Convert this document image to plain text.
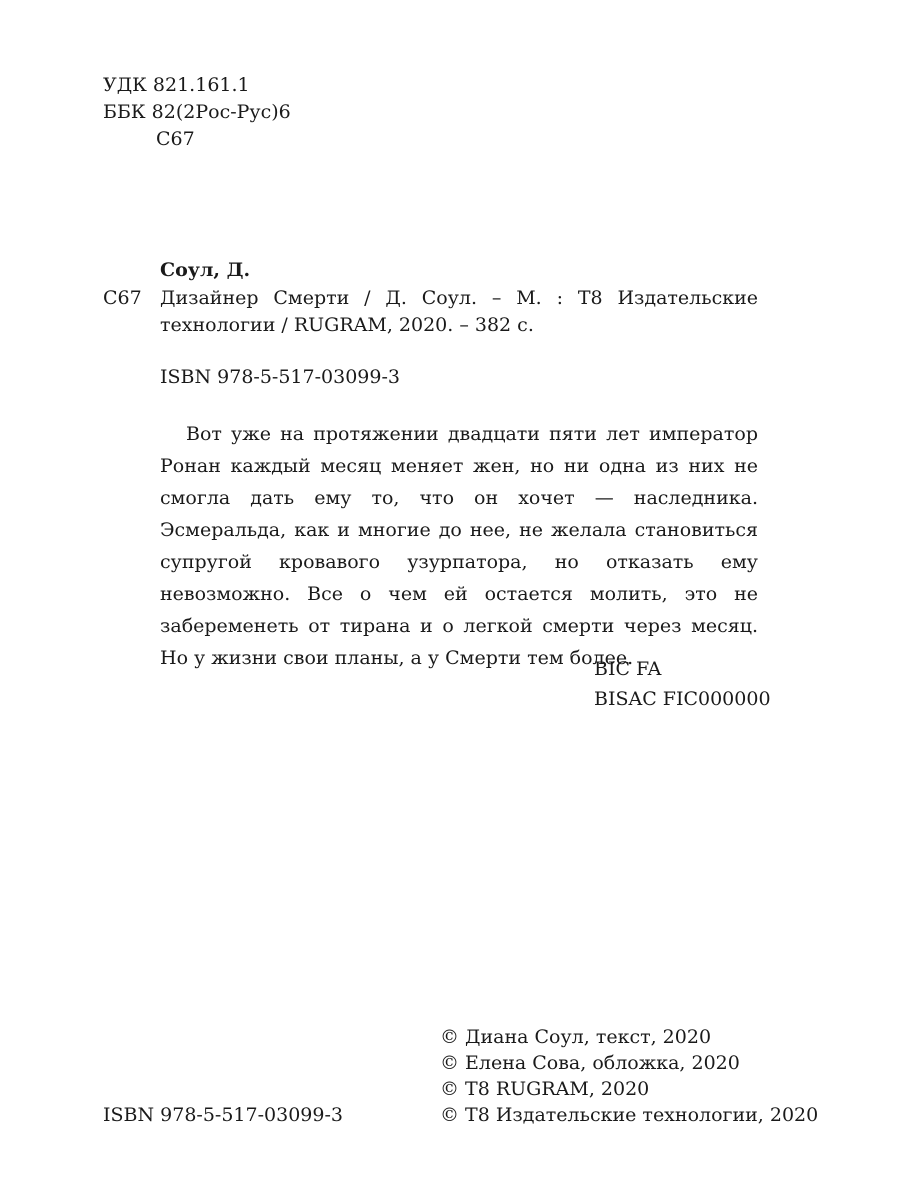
УДК 821.161.1
ББК 82(2Рос-Рус)6
С67
Соул, Д.
С67 Дизайнер Смерти / Д. Соул. – М. : T8 Издательские технологии / RUGRAM, 2020. – 382 с.
ISBN 978-5-517-03099-3
Вот уже на протяжении двадцати пяти лет император Ронан каждый месяц меняет жен, но ни одна из них не смогла дать ему то, что он хочет — наследника. Эсмеральда, как и многие до нее, не желала становиться супругой кровавого узурпатора, но отказать ему невозможно. Все о чем ей остается молить, это не забеременеть от тирана и о легкой смерти через месяц. Но у жизни свои планы, а у Смерти тем более.
BIC FA
BISAC FIC000000
© Диана Соул, текст, 2020
© Елена Сова, обложка, 2020
© T8 RUGRAM, 2020
© T8 Издательские технологии, 2020
ISBN 978-5-517-03099-3
